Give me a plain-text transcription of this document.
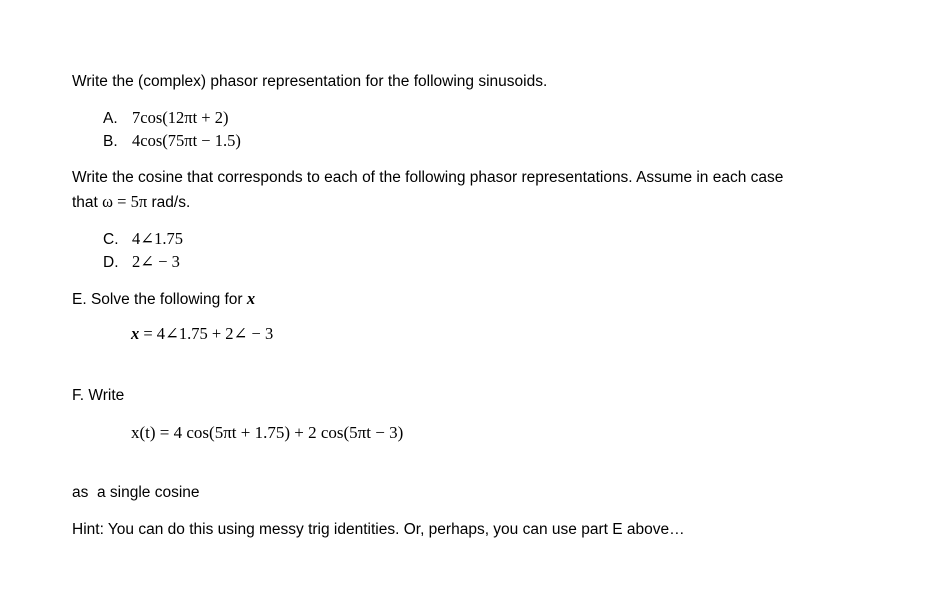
Write the (complex) phasor representation for the following sinusoids.
A. 7cos(12πt + 2)
B. 4cos(75πt − 1.5)
Write the cosine that corresponds to each of the following phasor representations. Assume in each case
that ω = 5π rad/s.
C. 4∠1.75
D. 2∠ − 3
E. Solve the following for x
x = 4∠1.75 + 2∠ − 3
F. Write
x(t) = 4 cos(5πt + 1.75) + 2 cos(5πt − 3)
as  a single cosine
Hint: You can do this using messy trig identities. Or, perhaps, you can use part E above…
